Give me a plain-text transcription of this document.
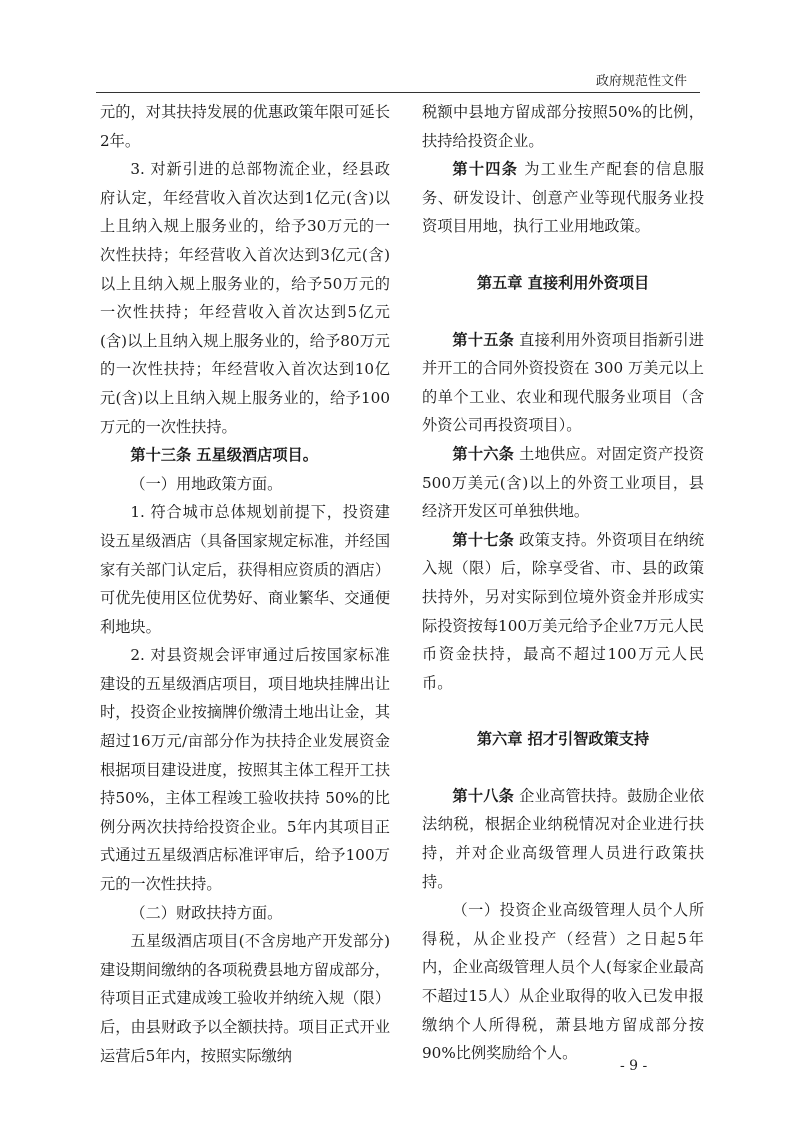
政府规范性文件

元的，对其扶持发展的优惠政策年限可延长2年。

3. 对新引进的总部物流企业，经县政府认定，年经营收入首次达到1亿元(含)以上且纳入规上服务业的，给予30万元的一次性扶持；年经营收入首次达到3亿元(含)以上且纳入规上服务业的，给予50万元的一次性扶持；年经营收入首次达到5亿元(含)以上且纳入规上服务业的，给予80万元的一次性扶持；年经营收入首次达到10亿元(含)以上且纳入规上服务业的，给予100万元的一次性扶持。

第十三条 五星级酒店项目。

（一）用地政策方面。

1. 符合城市总体规划前提下，投资建设五星级酒店（具备国家规定标准，并经国家有关部门认定后，获得相应资质的酒店）可优先使用区位优势好、商业繁华、交通便利地块。

2. 对县资规会评审通过后按国家标准建设的五星级酒店项目，项目地块挂牌出让时，投资企业按摘牌价缴清土地出让金，其超过16万元/亩部分作为扶持企业发展资金根据项目建设进度，按照其主体工程开工扶持50%，主体工程竣工验收扶持 50%的比例分两次扶持给投资企业。5年内其项目正式通过五星级酒店标准评审后，给予100万元的一次性扶持。

（二）财政扶持方面。

五星级酒店项目(不含房地产开发部分)建设期间缴纳的各项税费县地方留成部分，待项目正式建成竣工验收并纳统入规（限）后，由县财政予以全额扶持。项目正式开业运营后5年内，按照实际缴纳

税额中县地方留成部分按照50%的比例，扶持给投资企业。

第十四条 为工业生产配套的信息服务、研发设计、创意产业等现代服务业投资项目用地，执行工业用地政策。

第五章 直接利用外资项目

第十五条 直接利用外资项目指新引进并开工的合同外资投资在 300 万美元以上的单个工业、农业和现代服务业项目（含外资公司再投资项目）。

第十六条 土地供应。对固定资产投资500万美元(含)以上的外资工业项目，县经济开发区可单独供地。

第十七条 政策支持。外资项目在纳统入规（限）后，除享受省、市、县的政策扶持外，另对实际到位境外资金并形成实际投资按每100万美元给予企业7万元人民币资金扶持，最高不超过100万元人民币。

第六章 招才引智政策支持

第十八条 企业高管扶持。鼓励企业依法纳税，根据企业纳税情况对企业进行扶持，并对企业高级管理人员进行政策扶持。

（一）投资企业高级管理人员个人所得税，从企业投产（经营）之日起5年内，企业高级管理人员个人(每家企业最高不超过15人）从企业取得的收入已发申报缴纳个人所得税，萧县地方留成部分按90%比例奖励给个人。

- 9 -
